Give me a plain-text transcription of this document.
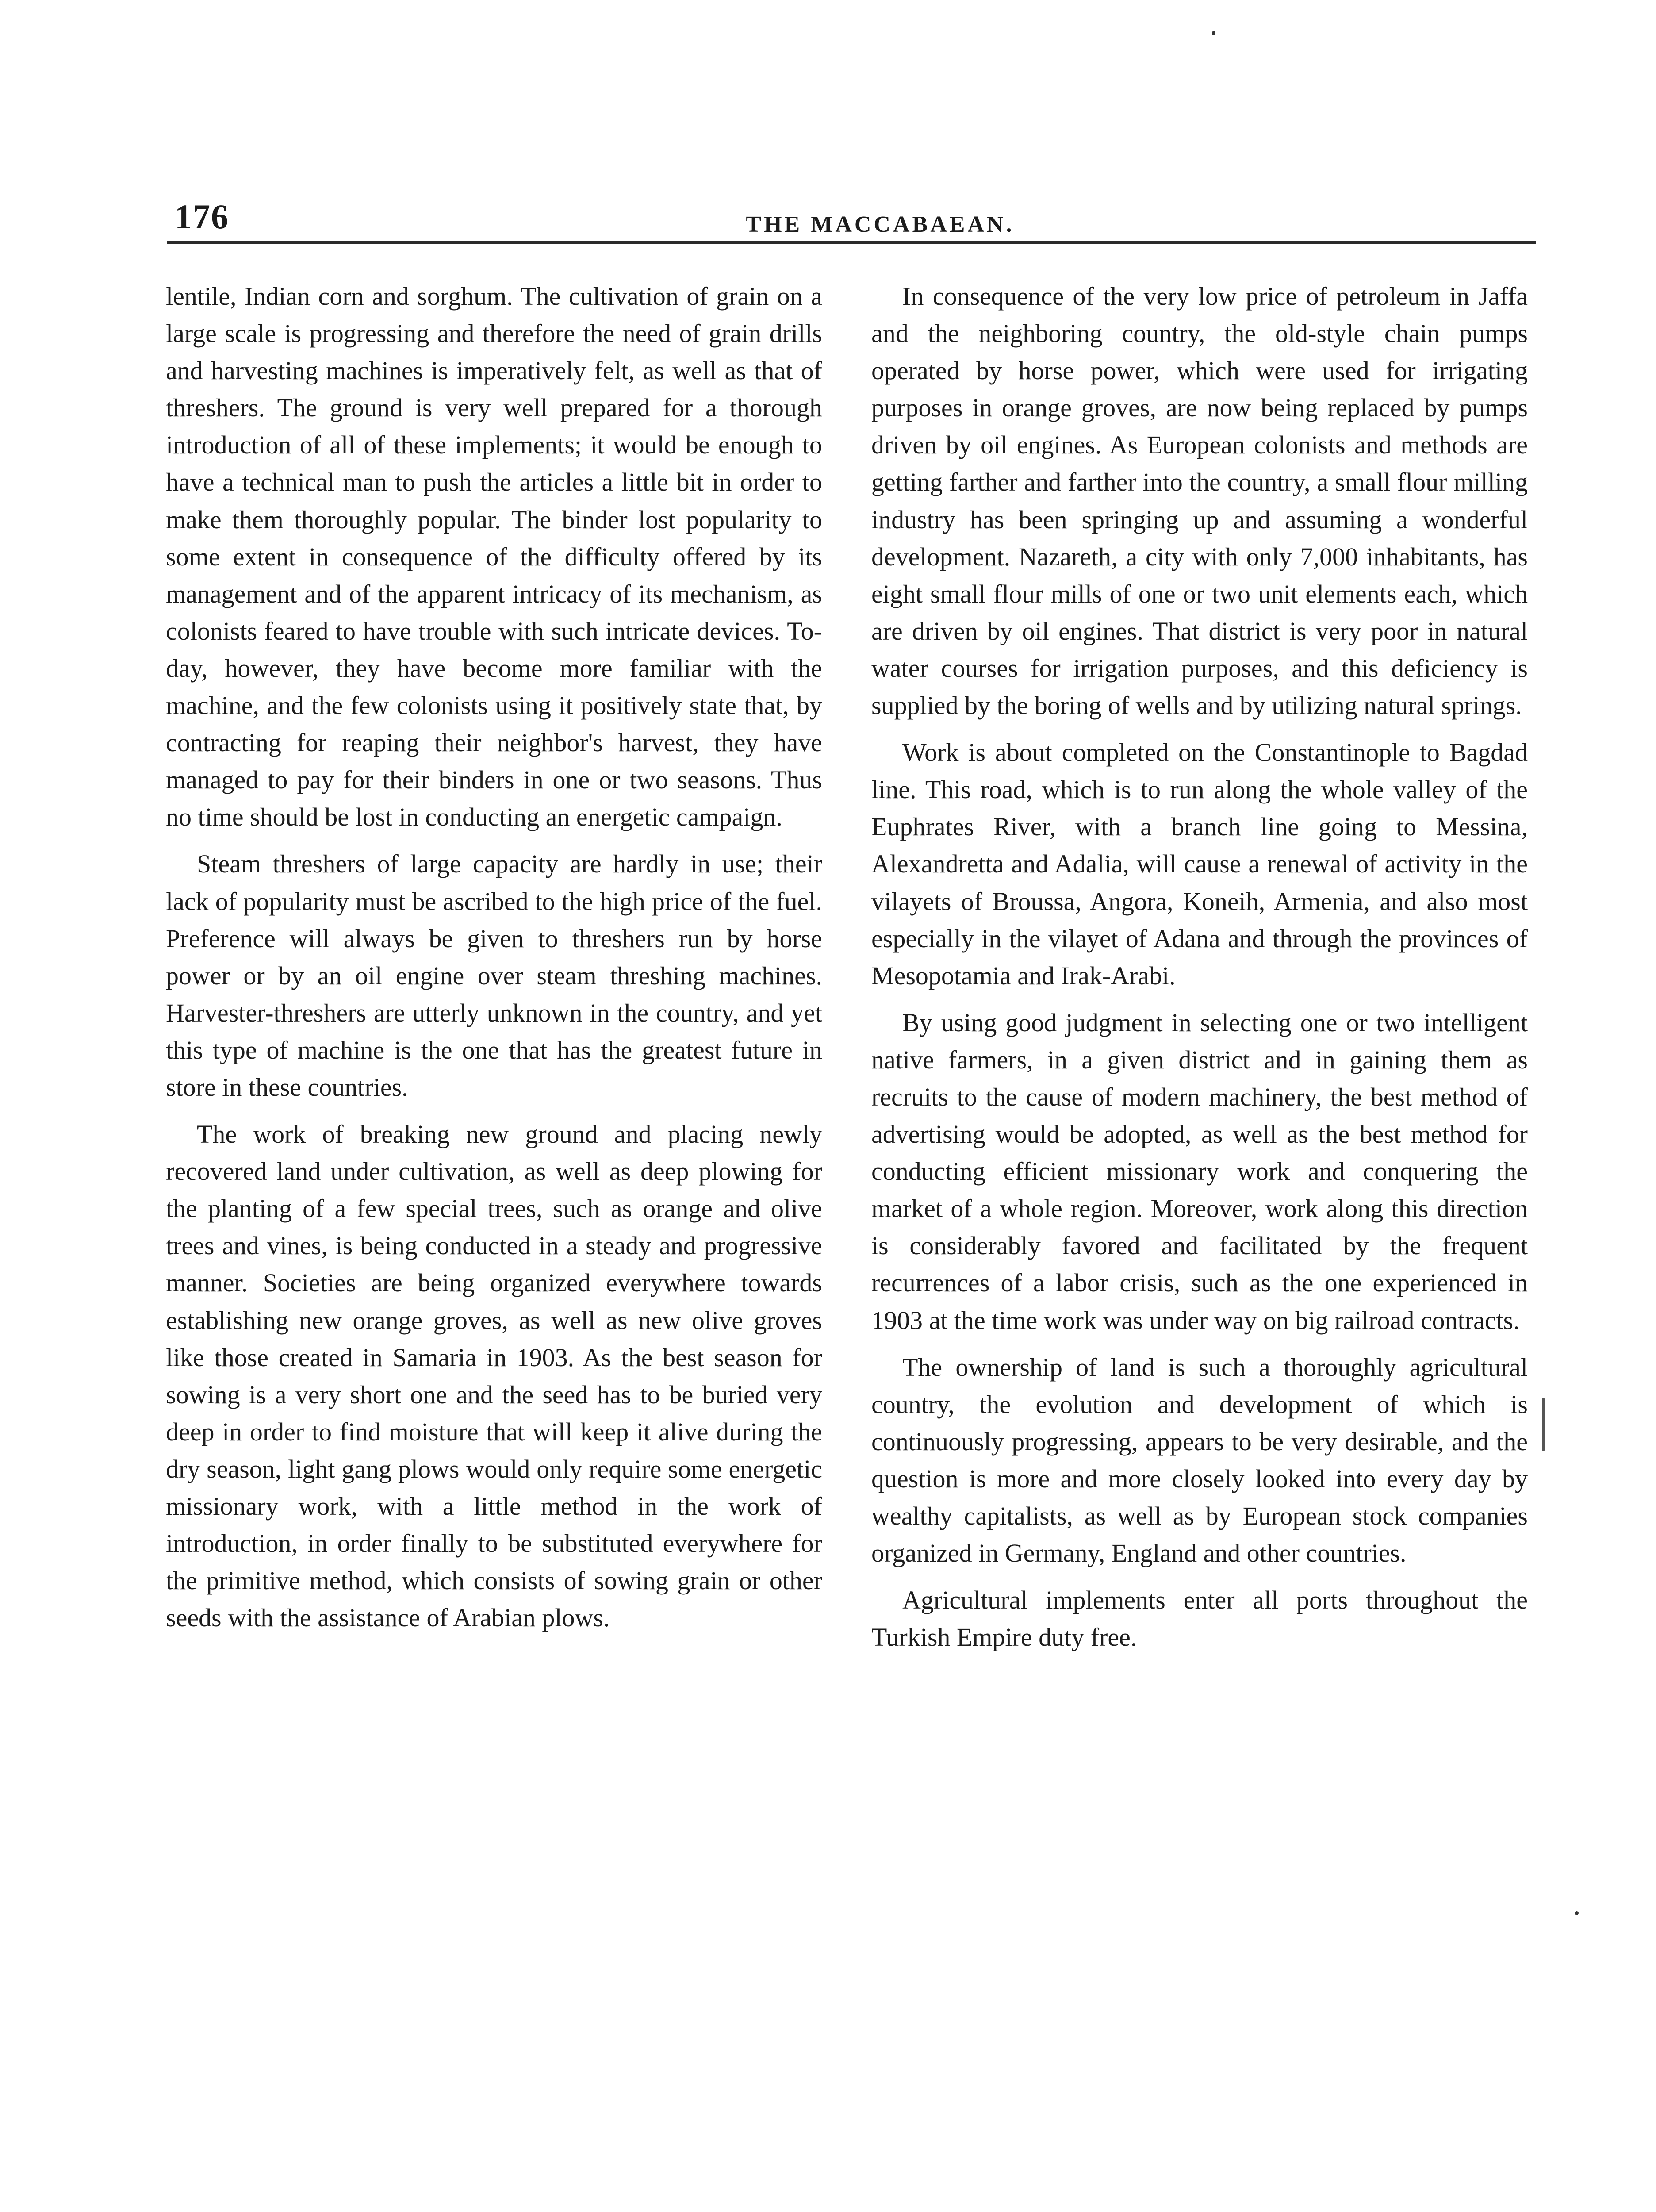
176	THE MACCABAEAN.

lentile, Indian corn and sorghum. The cultivation of grain on a large scale is progressing and therefore the need of grain drills and harvesting machines is imperatively felt, as well as that of threshers. The ground is very well prepared for a thorough introduction of all of these implements; it would be enough to have a technical man to push the articles a little bit in order to make them thoroughly popular. The binder lost popularity to some extent in consequence of the difficulty offered by its management and of the apparent intricacy of its mechanism, as colonists feared to have trouble with such intricate devices. To-day, however, they have become more familiar with the machine, and the few colonists using it positively state that, by contracting for reaping their neighbor's harvest, they have managed to pay for their binders in one or two seasons. Thus no time should be lost in conducting an energetic campaign.

Steam threshers of large capacity are hardly in use; their lack of popularity must be ascribed to the high price of the fuel. Preference will always be given to threshers run by horse power or by an oil engine over steam threshing machines. Harvester-threshers are utterly unknown in the country, and yet this type of machine is the one that has the greatest future in store in these countries.

The work of breaking new ground and placing newly recovered land under cultivation, as well as deep plowing for the planting of a few special trees, such as orange and olive trees and vines, is being conducted in a steady and progressive manner. Societies are being organized everywhere towards establishing new orange groves, as well as new olive groves like those created in Samaria in 1903. As the best season for sowing is a very short one and the seed has to be buried very deep in order to find moisture that will keep it alive during the dry season, light gang plows would only require some energetic missionary work, with a little method in the work of introduction, in order finally to be substituted everywhere for the primitive method, which consists of sowing grain or other seeds with the assistance of Arabian plows.

In consequence of the very low price of petroleum in Jaffa and the neighboring country, the old-style chain pumps operated by horse power, which were used for irrigating purposes in orange groves, are now being replaced by pumps driven by oil engines. As European colonists and methods are getting farther and farther into the country, a small flour milling industry has been springing up and assuming a wonderful development. Nazareth, a city with only 7,000 inhabitants, has eight small flour mills of one or two unit elements each, which are driven by oil engines. That district is very poor in natural water courses for irrigation purposes, and this deficiency is supplied by the boring of wells and by utilizing natural springs.

Work is about completed on the Constantinople to Bagdad line. This road, which is to run along the whole valley of the Euphrates River, with a branch line going to Messina, Alexandretta and Adalia, will cause a renewal of activity in the vilayets of Broussa, Angora, Koneih, Armenia, and also most especially in the vilayet of Adana and through the provinces of Mesopotamia and Irak-Arabi.

By using good judgment in selecting one or two intelligent native farmers, in a given district and in gaining them as recruits to the cause of modern machinery, the best method of advertising would be adopted, as well as the best method for conducting efficient missionary work and conquering the market of a whole region. Moreover, work along this direction is considerably favored and facilitated by the frequent recurrences of a labor crisis, such as the one experienced in 1903 at the time work was under way on big railroad contracts.

The ownership of land is such a thoroughly agricultural country, the evolution and development of which is continuously progressing, appears to be very desirable, and the question is more and more closely looked into every day by wealthy capitalists, as well as by European stock companies organized in Germany, England and other countries.

Agricultural implements enter all ports throughout the Turkish Empire duty free.
